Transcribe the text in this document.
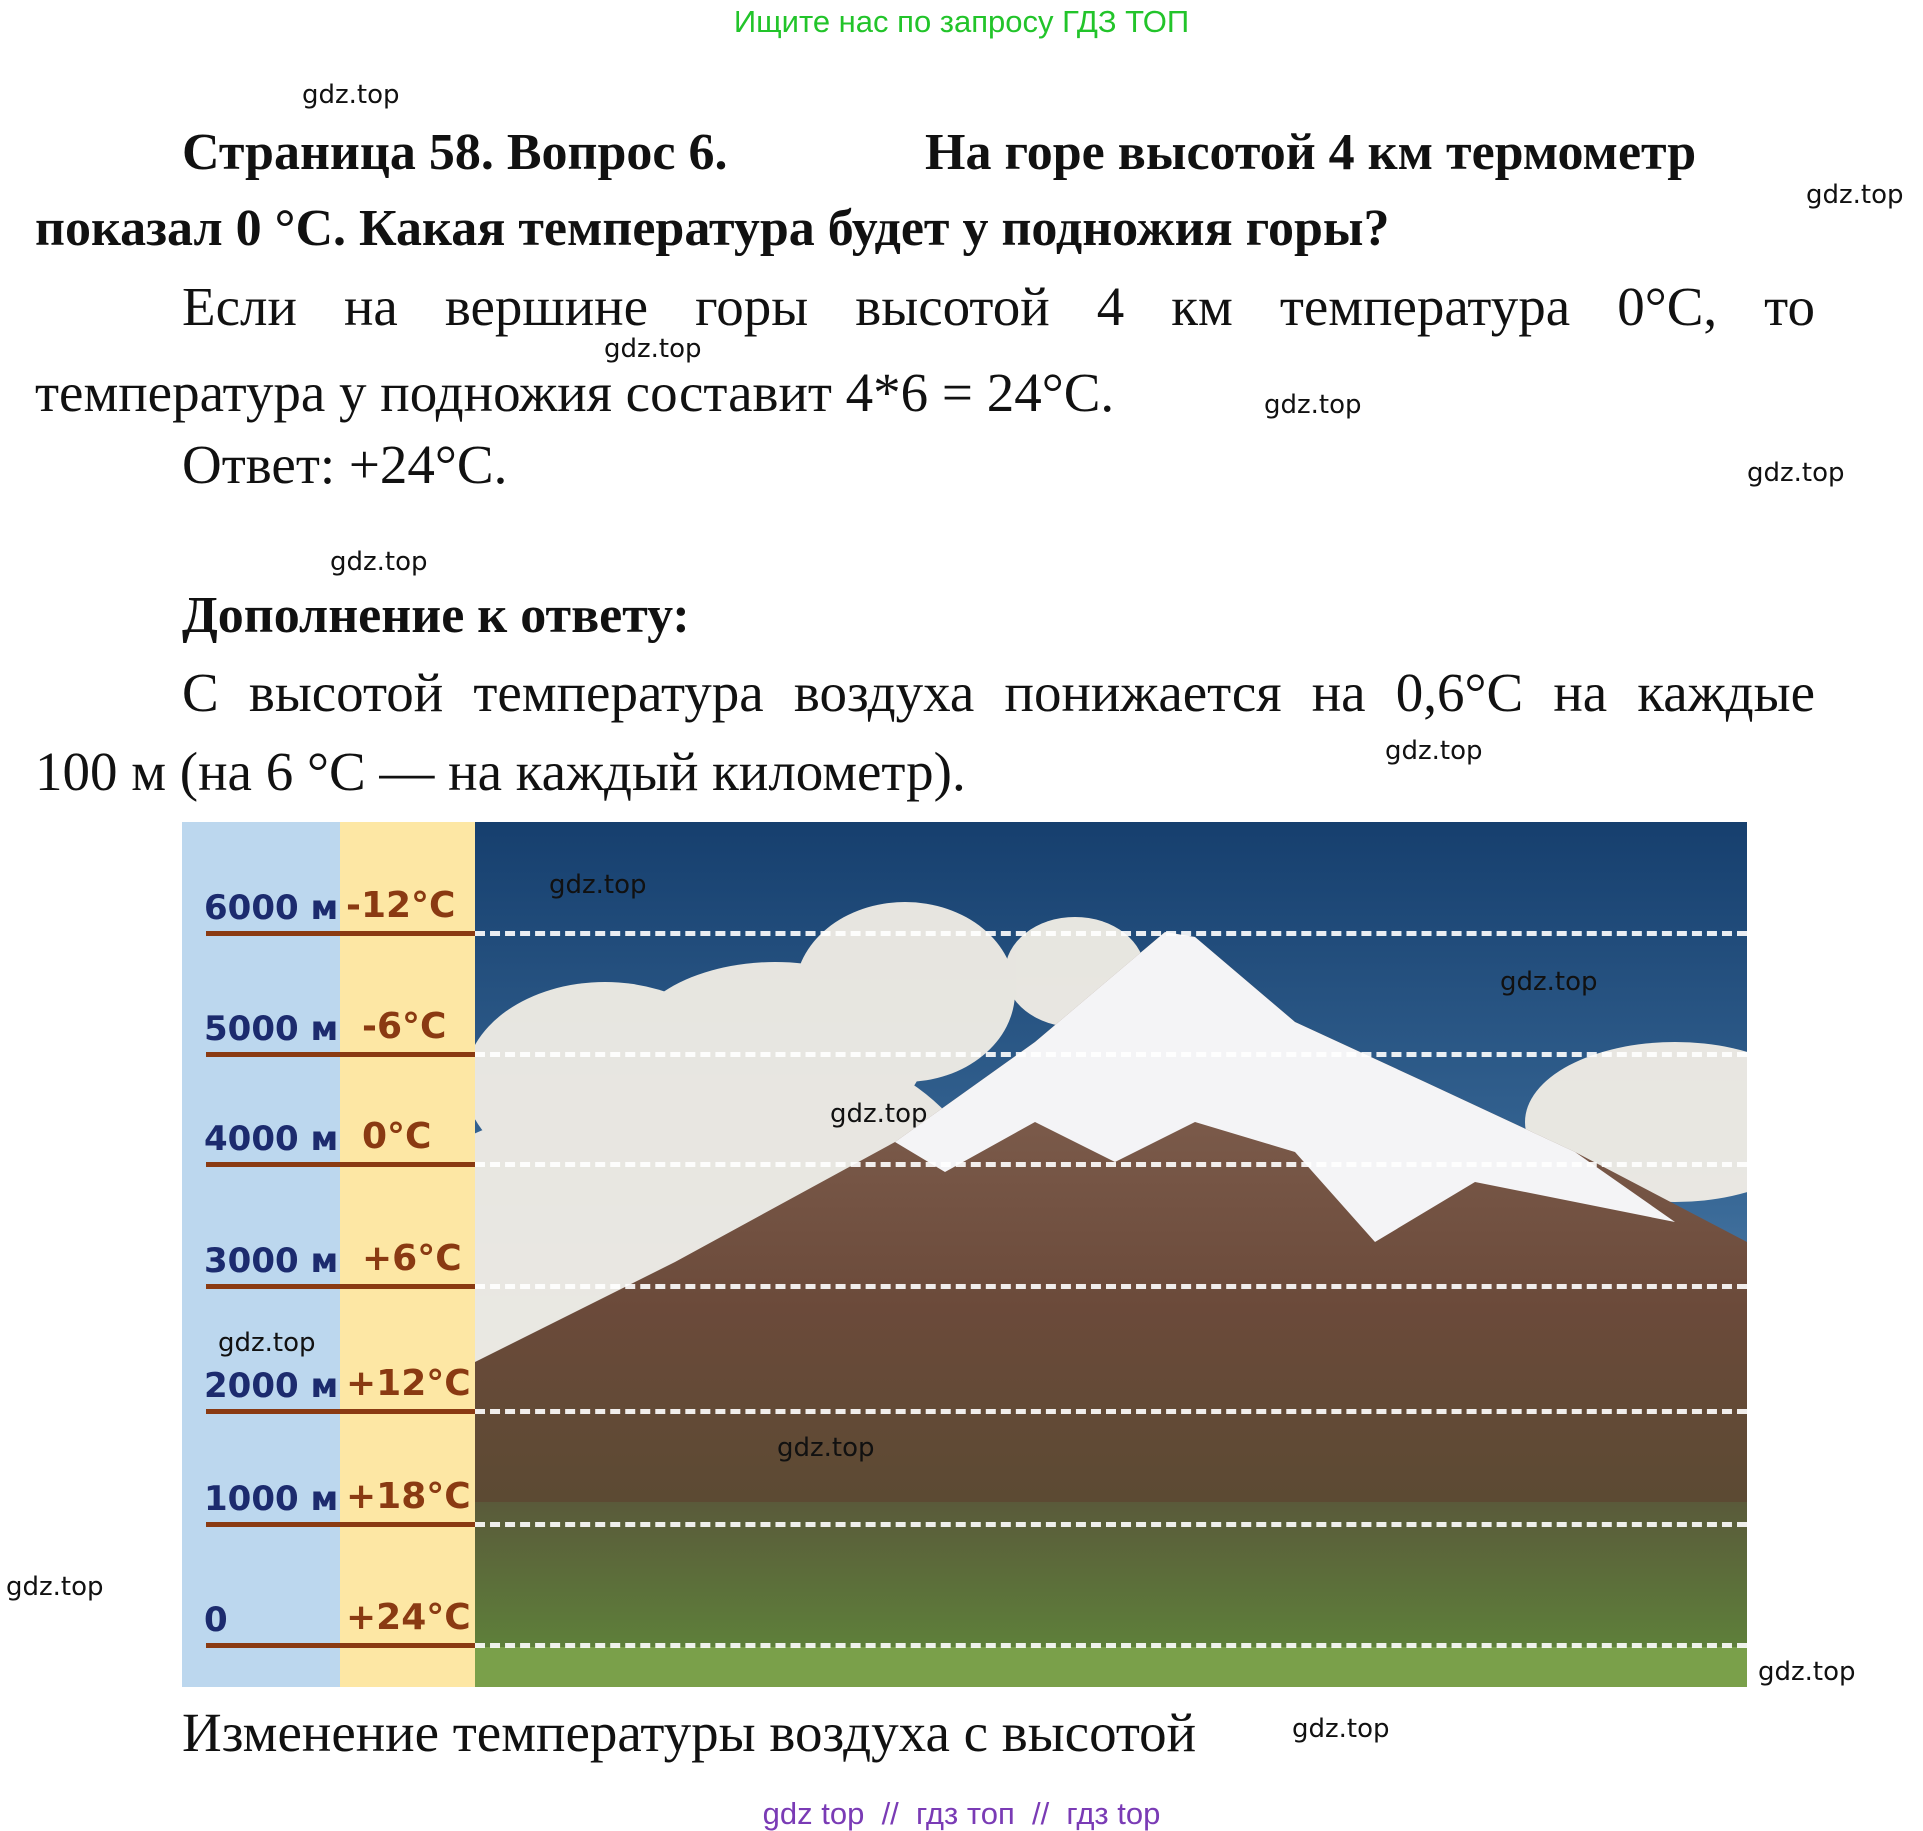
Ищите нас по запросу ГДЗ ТОП
gdz.top
Страница 58. Вопрос 6.	На горе высотой 4 км термометр
gdz.top
показал 0 °С. Какая температура будет у подножия горы?
Если на вершине горы высотой 4 км температура 0°С, то
gdz.top
температура у подножия составит 4*6 = 24°С.	gdz.top
Ответ: +24°С.	gdz.top
gdz.top
Дополнение к ответу:
С высотой температура воздуха понижается на 0,6°С на каждые
gdz.top
100 м (на 6 °С — на каждый километр).
6000 м -12°C
5000 м -6°C
4000 м 0°C
3000 м +6°C
2000 м +12°C
1000 м +18°C
0	+24°C
gdz.top
gdz.top
gdz.top
gdz.top
gdz.top
gdz.top
gdz.top
Изменение температуры воздуха с высотой	gdz.top
gdz top  //  гдз топ  //  гдз top
